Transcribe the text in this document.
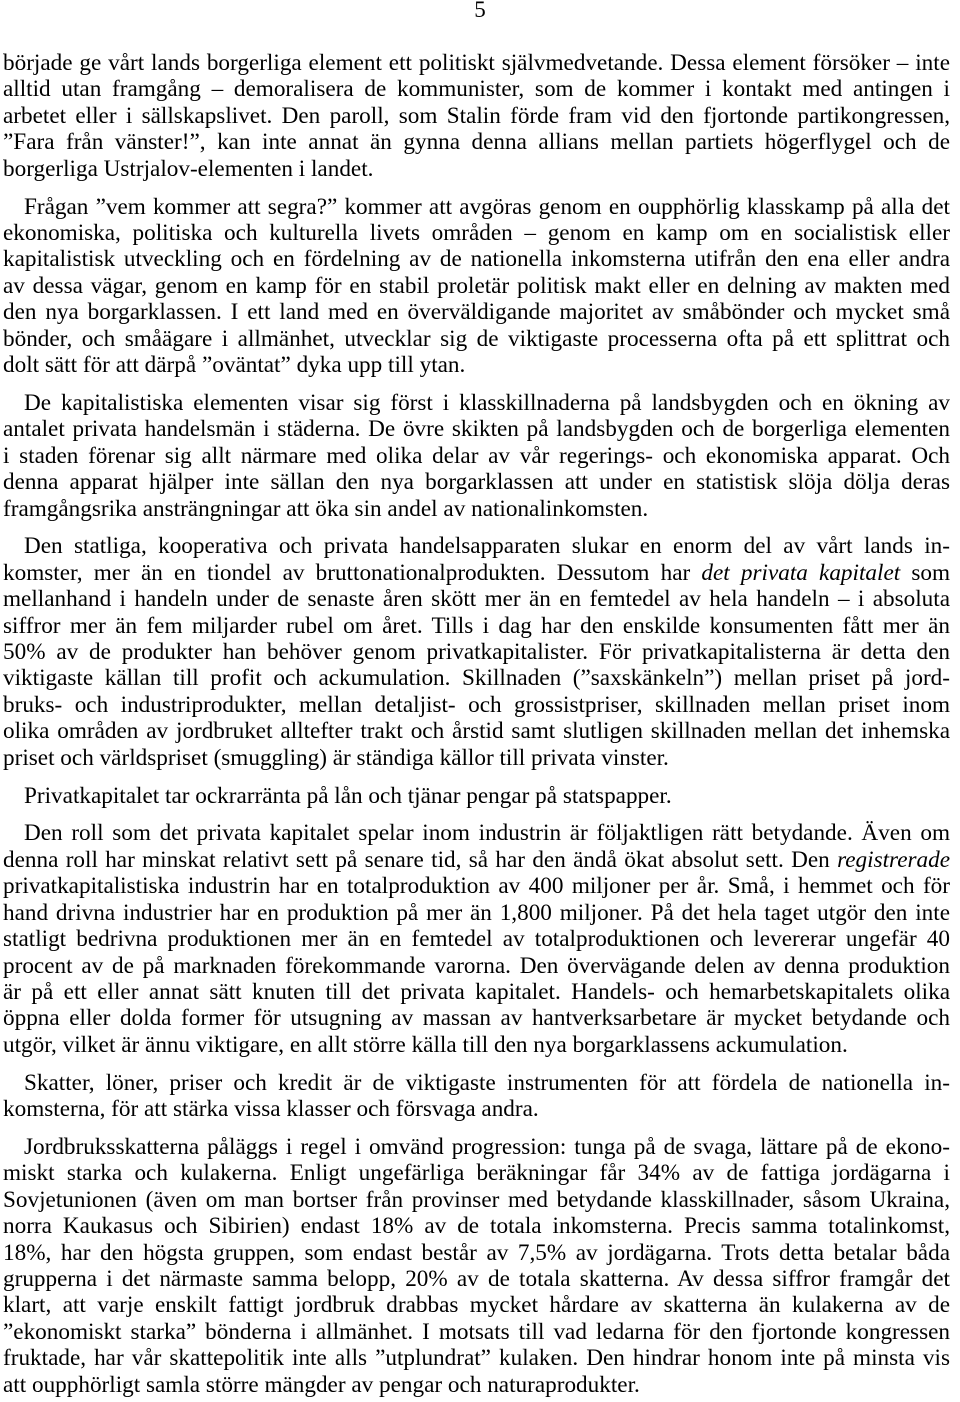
5
började ge vårt lands borgerliga element ett politiskt självmedvetande. Dessa element försöker – inte
alltid utan framgång – demoralisera de kommunister, som de kommer i kontakt med antingen i
arbetet eller i sällskapslivet. Den paroll, som Stalin förde fram vid den fjortonde partikongressen,
”Fara från vänster!”, kan inte annat än gynna denna allians mellan partiets högerflygel och de
borgerliga Ustrjalov-elementen i landet.
Frågan ”vem kommer att segra?” kommer att avgöras genom en oupphörlig klasskamp på alla det
ekonomiska, politiska och kulturella livets områden – genom en kamp om en socialistisk eller
kapitalistisk utveckling och en fördelning av de nationella inkomsterna utifrån den ena eller andra
av dessa vägar, genom en kamp för en stabil proletär politisk makt eller en delning av makten med
den nya borgarklassen. I ett land med en överväldigande majoritet av småbönder och mycket små
bönder, och småägare i allmänhet, utvecklar sig de viktigaste processerna ofta på ett splittrat och
dolt sätt för att därpå ”oväntat” dyka upp till ytan.
De kapitalistiska elementen visar sig först i klasskillnaderna på landsbygden och en ökning av
antalet privata handelsmän i städerna. De övre skikten på landsbygden och de borgerliga elementen
i staden förenar sig allt närmare med olika delar av vår regerings- och ekonomiska apparat. Och
denna apparat hjälper inte sällan den nya borgarklassen att under en statistisk slöja dölja deras
framgångsrika ansträngningar att öka sin andel av nationalinkomsten.
Den statliga, kooperativa och privata handelsapparaten slukar en enorm del av vårt lands in-
komster, mer än en tiondel av bruttonationalprodukten. Dessutom har det privata kapitalet som
mellanhand i handeln under de senaste åren skött mer än en femtedel av hela handeln – i absoluta
siffror mer än fem miljarder rubel om året. Tills i dag har den enskilde konsumenten fått mer än
50% av de produkter han behöver genom privatkapitalister. För privatkapitalisterna är detta den
viktigaste källan till profit och ackumulation. Skillnaden (”saxskänkeln”) mellan priset på jord-
bruks- och industriprodukter, mellan detaljist- och grossistpriser, skillnaden mellan priset inom
olika områden av jordbruket alltefter trakt och årstid samt slutligen skillnaden mellan det inhemska
priset och världspriset (smuggling) är ständiga källor till privata vinster.
Privatkapitalet tar ockrarränta på lån och tjänar pengar på statspapper.
Den roll som det privata kapitalet spelar inom industrin är följaktligen rätt betydande. Även om
denna roll har minskat relativt sett på senare tid, så har den ändå ökat absolut sett. Den registrerade
privatkapitalistiska industrin har en totalproduktion av 400 miljoner per år. Små, i hemmet och för
hand drivna industrier har en produktion på mer än 1,800 miljoner. På det hela taget utgör den inte
statligt bedrivna produktionen mer än en femtedel av totalproduktionen och levererar ungefär 40
procent av de på marknaden förekommande varorna. Den övervägande delen av denna produktion
är på ett eller annat sätt knuten till det privata kapitalet. Handels- och hemarbetskapitalets olika
öppna eller dolda former för utsugning av massan av hantverksarbetare är mycket betydande och
utgör, vilket är ännu viktigare, en allt större källa till den nya borgarklassens ackumulation.
Skatter, löner, priser och kredit är de viktigaste instrumenten för att fördela de nationella in-
komsterna, för att stärka vissa klasser och försvaga andra.
Jordbruksskatterna påläggs i regel i omvänd progression: tunga på de svaga, lättare på de ekono-
miskt starka och kulakerna. Enligt ungefärliga beräkningar får 34% av de fattiga jordägarna i
Sovjetunionen (även om man bortser från provinser med betydande klasskillnader, såsom Ukraina,
norra Kaukasus och Sibirien) endast 18% av de totala inkomsterna. Precis samma totalinkomst,
18%, har den högsta gruppen, som endast består av 7,5% av jordägarna. Trots detta betalar båda
grupperna i det närmaste samma belopp, 20% av de totala skatterna. Av dessa siffror framgår det
klart, att varje enskilt fattigt jordbruk drabbas mycket hårdare av skatterna än kulakerna av de
”ekonomiskt starka” bönderna i allmänhet. I motsats till vad ledarna för den fjortonde kongressen
fruktade, har vår skattepolitik inte alls ”utplundrat” kulaken. Den hindrar honom inte på minsta vis
att oupphörligt samla större mängder av pengar och naturaprodukter.
